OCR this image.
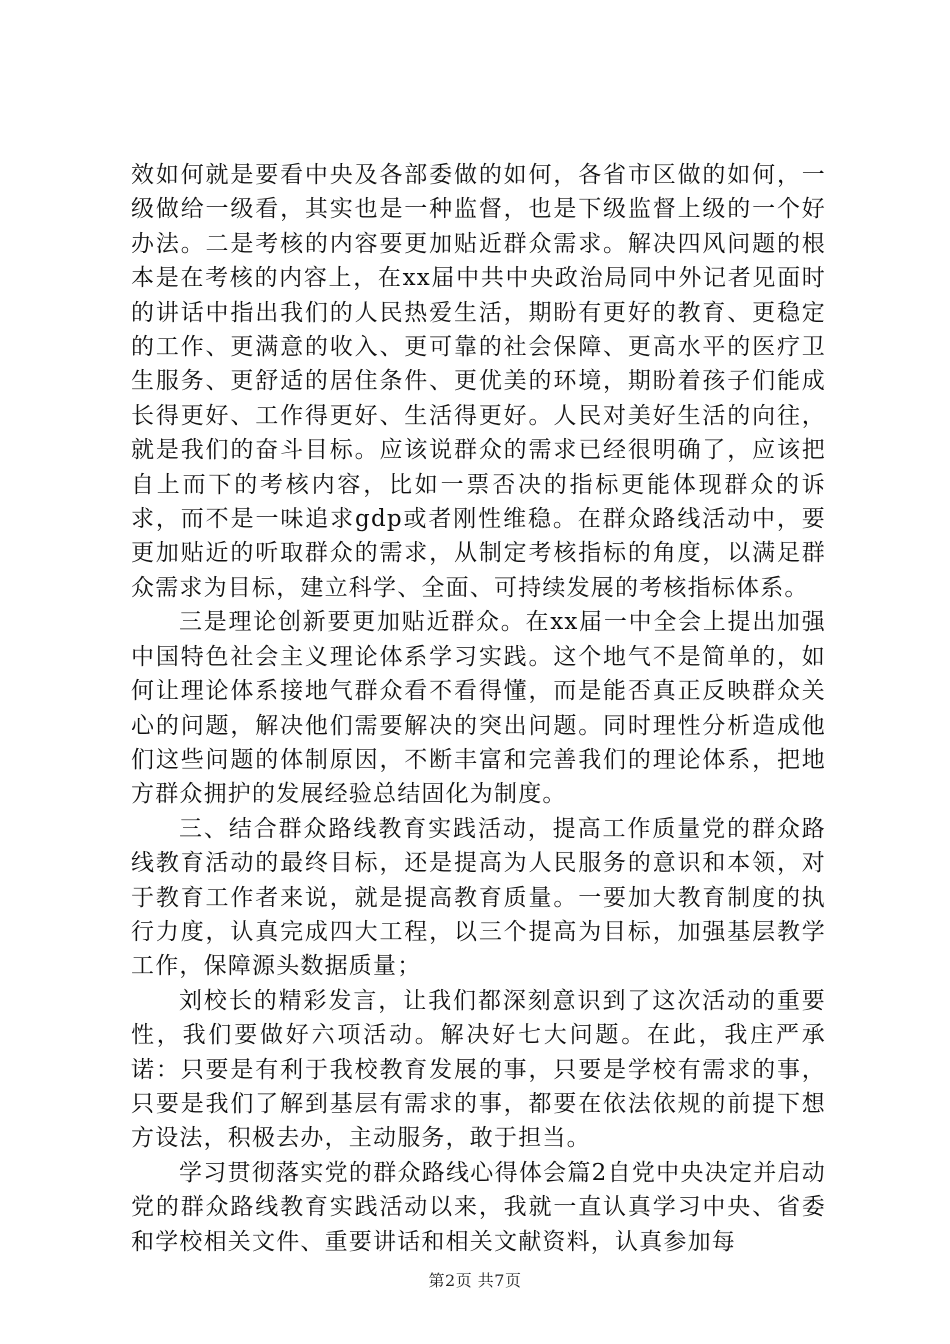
效如何就是要看中央及各部委做的如何，各省市区做的如何，一级做给一级看，其实也是一种监督，也是下级监督上级的一个好办法。二是考核的内容要更加贴近群众需求。解决四风问题的根本是在考核的内容上，在xx届中共中央政治局同中外记者见面时的讲话中指出我们的人民热爱生活，期盼有更好的教育、更稳定的工作、更满意的收入、更可靠的社会保障、更高水平的医疗卫生服务、更舒适的居住条件、更优美的环境，期盼着孩子们能成长得更好、工作得更好、生活得更好。人民对美好生活的向往，就是我们的奋斗目标。应该说群众的需求已经很明确了，应该把自上而下的考核内容，比如一票否决的指标更能体现群众的诉求，而不是一味追求gdp或者刚性维稳。在群众路线活动中，要更加贴近的听取群众的需求，从制定考核指标的角度，以满足群众需求为目标，建立科学、全面、可持续发展的考核指标体系。

三是理论创新要更加贴近群众。在xx届一中全会上提出加强中国特色社会主义理论体系学习实践。这个地气不是简单的，如何让理论体系接地气群众看不看得懂，而是能否真正反映群众关心的问题，解决他们需要解决的突出问题。同时理性分析造成他们这些问题的体制原因，不断丰富和完善我们的理论体系，把地方群众拥护的发展经验总结固化为制度。

三、结合群众路线教育实践活动，提高工作质量党的群众路线教育活动的最终目标，还是提高为人民服务的意识和本领，对于教育工作者来说，就是提高教育质量。一要加大教育制度的执行力度，认真完成四大工程，以三个提高为目标，加强基层教学工作，保障源头数据质量；

刘校长的精彩发言，让我们都深刻意识到了这次活动的重要性，我们要做好六项活动。解决好七大问题。在此，我庄严承诺：只要是有利于我校教育发展的事，只要是学校有需求的事，只要是我们了解到基层有需求的事，都要在依法依规的前提下想方设法，积极去办，主动服务，敢于担当。

学习贯彻落实党的群众路线心得体会篇2自党中央决定并启动党的群众路线教育实践活动以来，我就一直认真学习中央、省委和学校相关文件、重要讲话和相关文献资料，认真参加每

第2页 共7页
